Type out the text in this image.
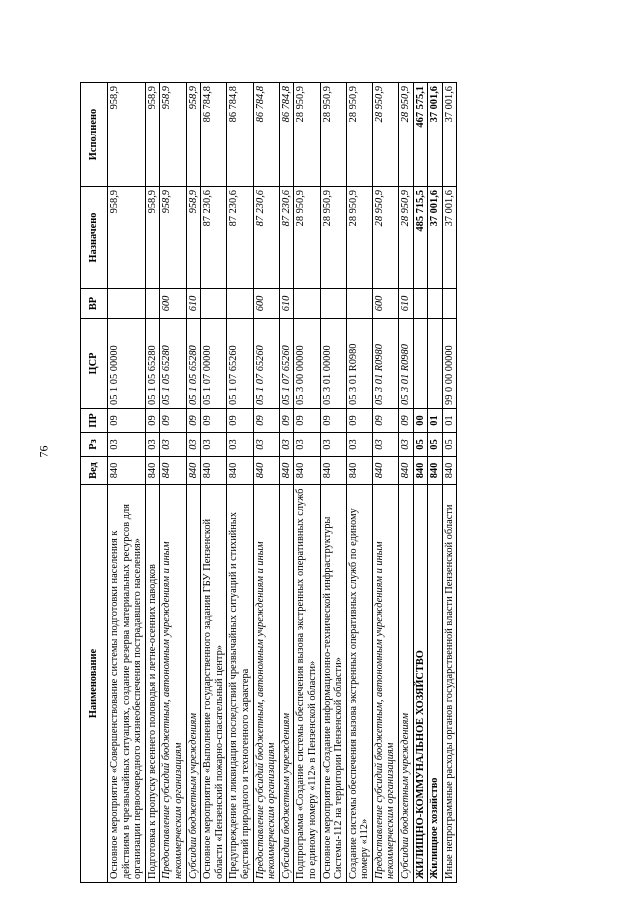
76
Наименование	Вед	Рз	ПР	ЦСР	ВР	Назначено	Исполнено
Основное мероприятие «Совершенствование системы подготовки населения к действиям в чрезвычайных ситуациях, создание резерва материальных ресурсов для организации первоочередного жизнеобеспечения пострадавшего населения»	840	03	09	05 1 05 00000		958,9	958,9
Подготовка к пропуску весеннего половодья и летне-осенних паводков	840	03	09	05 1 05 65280		958,9	958,9
Предоставление субсидий бюджетным, автономным учреждениям и иным некоммерческим организациям	840	03	09	05 1 05 65280	600	958,9	958,9
Субсидии бюджетным учреждениям	840	03	09	05 1 05 65280	610	958,9	958,9
Основное мероприятие «Выполнение государственного задания ГБУ Пензенской области «Пензенский пожарно-спасательный центр»	840	03	09	05 1 07 00000		87 230,6	86 784,8
Предупреждение и ликвидация последствий чрезвычайных ситуаций и стихийных бедствий природного и техногенного характера	840	03	09	05 1 07 65260		87 230,6	86 784,8
Предоставление субсидий бюджетным, автономным учреждениям и иным некоммерческим организациям	840	03	09	05 1 07 65260	600	87 230,6	86 784,8
Субсидии бюджетным учреждениям	840	03	09	05 1 07 65260	610	87 230,6	86 784,8
Подпрограмма «Создание системы обеспечения вызова экстренных оперативных служб по единому номеру «112» в Пензенской области»	840	03	09	05 3 00 00000		28 950,9	28 950,9
Основное мероприятие «Создание информационно-технической инфраструктуры Системы-112 на территории Пензенской области»	840	03	09	05 3 01 00000		28 950,9	28 950,9
Создание системы обеспечения вызова экстренных оперативных служб по единому номеру «112»	840	03	09	05 3 01 R0980		28 950,9	28 950,9
Предоставление субсидий бюджетным, автономным учреждениям и иным некоммерческим организациям	840	03	09	05 3 01 R0980	600	28 950,9	28 950,9
Субсидии бюджетным учреждениям	840	03	09	05 3 01 R0980	610	28 950,9	28 950,9
ЖИЛИЩНО-КОММУНАЛЬНОЕ ХОЗЯЙСТВО	840	05	00			485 715,5	467 575,1
Жилищное хозяйство	840	05	01			37 001,6	37 001,6
Иные непрограммные расходы органов государственной власти Пензенской области	840	05	01	99 0 00 00000		37 001,6	37 001,6
